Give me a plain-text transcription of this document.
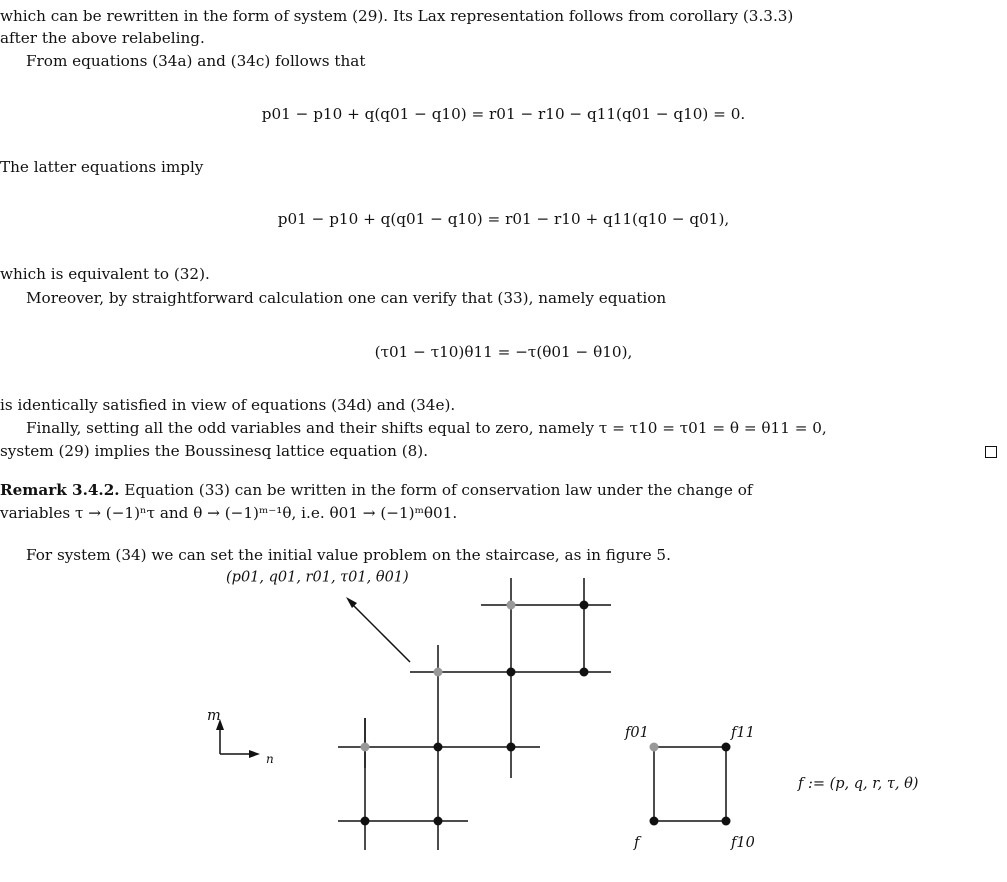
which can be rewritten in the form of system (29). Its Lax representation follows from corollary (3.3.3)

after the above relabeling.

From equations (34a) and (34c) follows that

p01 − p10 + q(q01 − q10) = r01 − r10 − q11(q01 − q10) = 0.

The latter equations imply

p01 − p10 + q(q01 − q10) = r01 − r10 + q11(q10 − q01),

which is equivalent to (32).

Moreover, by straightforward calculation one can verify that (33), namely equation

(τ01 − τ10)θ11 = −τ(θ01 − θ10),

is identically satisfied in view of equations (34d) and (34e).

Finally, setting all the odd variables and their shifts equal to zero, namely τ = τ10 = τ01 = θ = θ11 = 0,

system (29) implies the Boussinesq lattice equation (8).

Remark 3.4.2. Equation (33) can be written in the form of conservation law under the change of

variables τ → (−1)ⁿτ and θ → (−1)ᵐ⁻¹θ, i.e. θ01 → (−1)ᵐθ01.

For system (34) we can set the initial value problem on the staircase, as in figure 5.

(p01, q01, r01, τ01, θ01)
m
n
f01	f11
f	f10
f := (p, q, r, τ, θ)
